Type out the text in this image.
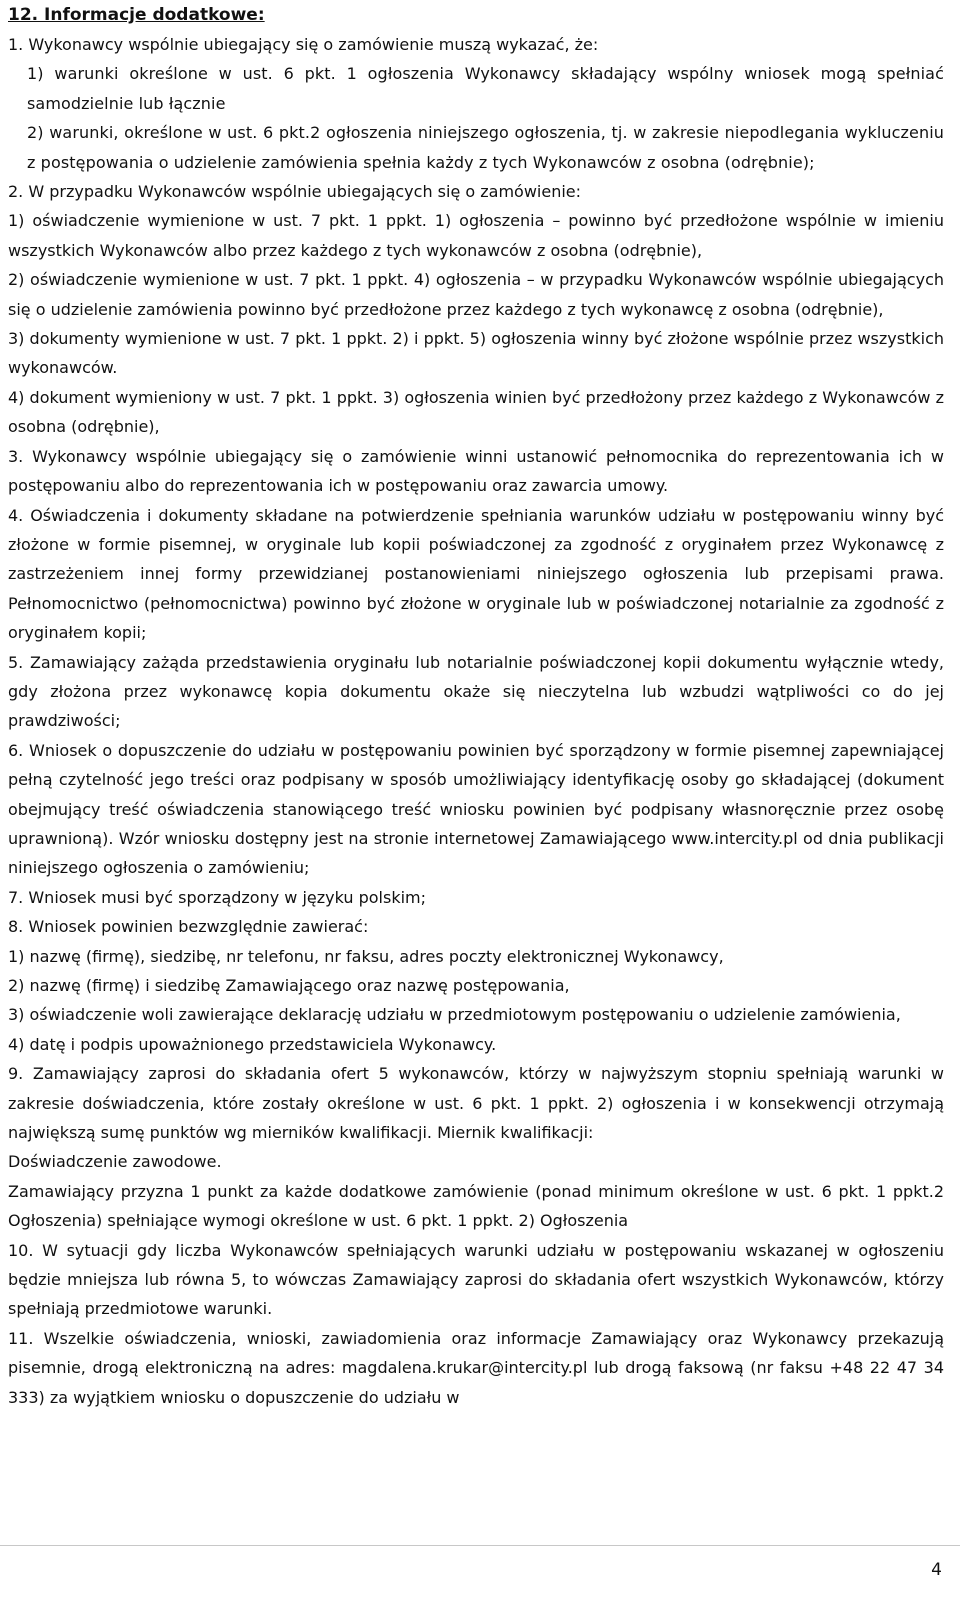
12. Informacje dodatkowe:

1. Wykonawcy wspólnie ubiegający się o zamówienie muszą wykazać, że:

1) warunki określone w ust. 6 pkt. 1 ogłoszenia Wykonawcy składający wspólny wniosek mogą spełniać samodzielnie lub łącznie

2) warunki, określone w ust. 6 pkt.2 ogłoszenia niniejszego ogłoszenia, tj. w zakresie niepodlegania wykluczeniu z postępowania o udzielenie zamówienia spełnia każdy z tych Wykonawców z osobna (odrębnie);

2. W przypadku Wykonawców wspólnie ubiegających się o zamówienie:

1) oświadczenie wymienione w ust. 7 pkt. 1 ppkt. 1) ogłoszenia – powinno być przedłożone wspólnie w imieniu wszystkich Wykonawców albo przez każdego z tych wykonawców z osobna (odrębnie),

2) oświadczenie wymienione w ust. 7 pkt. 1 ppkt. 4) ogłoszenia – w przypadku Wykonawców wspólnie ubiegających się o udzielenie zamówienia powinno być przedłożone przez każdego z tych wykonawcę z osobna (odrębnie),

3) dokumenty wymienione w ust. 7 pkt. 1 ppkt. 2) i ppkt. 5) ogłoszenia winny być złożone wspólnie przez wszystkich wykonawców.

4) dokument wymieniony w ust. 7 pkt. 1 ppkt. 3) ogłoszenia winien być przedłożony przez każdego z Wykonawców z osobna (odrębnie),

3. Wykonawcy wspólnie ubiegający się o zamówienie winni ustanowić pełnomocnika do reprezentowania ich w postępowaniu albo do reprezentowania ich w postępowaniu oraz zawarcia umowy.

4. Oświadczenia i dokumenty składane na potwierdzenie spełniania warunków udziału w postępowaniu winny być złożone w formie pisemnej, w oryginale lub kopii poświadczonej za zgodność z oryginałem przez Wykonawcę z zastrzeżeniem innej formy przewidzianej postanowieniami niniejszego ogłoszenia lub przepisami prawa. Pełnomocnictwo (pełnomocnictwa) powinno być złożone w oryginale lub w poświadczonej notarialnie za zgodność z oryginałem kopii;

5. Zamawiający zażąda przedstawienia oryginału lub notarialnie poświadczonej kopii dokumentu wyłącznie wtedy, gdy złożona przez wykonawcę kopia dokumentu okaże się nieczytelna lub wzbudzi wątpliwości co do jej prawdziwości;

6. Wniosek o dopuszczenie do udziału w postępowaniu powinien być sporządzony w formie pisemnej zapewniającej pełną czytelność jego treści oraz podpisany w sposób umożliwiający identyfikację osoby go składającej (dokument obejmujący treść oświadczenia stanowiącego treść wniosku powinien być podpisany własnoręcznie przez osobę uprawnioną). Wzór wniosku dostępny jest na stronie internetowej Zamawiającego www.intercity.pl od dnia publikacji niniejszego ogłoszenia o zamówieniu;

7. Wniosek musi być sporządzony w języku polskim;

8. Wniosek powinien bezwzględnie zawierać:

1) nazwę (firmę), siedzibę, nr telefonu, nr faksu, adres poczty elektronicznej Wykonawcy,

2) nazwę (firmę) i siedzibę Zamawiającego oraz nazwę postępowania,

3) oświadczenie woli zawierające deklarację udziału w przedmiotowym postępowaniu o udzielenie zamówienia,

4) datę i podpis upoważnionego przedstawiciela Wykonawcy.

9. Zamawiający zaprosi do składania ofert 5 wykonawców, którzy w najwyższym stopniu spełniają warunki w zakresie doświadczenia, które zostały określone w ust. 6 pkt. 1 ppkt. 2) ogłoszenia i w konsekwencji otrzymają największą sumę punktów wg mierników kwalifikacji. Miernik kwalifikacji:

Doświadczenie zawodowe.

Zamawiający przyzna 1 punkt za każde dodatkowe zamówienie (ponad minimum określone w ust. 6 pkt. 1 ppkt.2 Ogłoszenia) spełniające wymogi określone w ust. 6 pkt. 1 ppkt. 2) Ogłoszenia

10. W sytuacji gdy liczba Wykonawców spełniających warunki udziału w postępowaniu wskazanej w ogłoszeniu będzie mniejsza lub równa 5, to wówczas Zamawiający zaprosi do składania ofert wszystkich Wykonawców, którzy spełniają przedmiotowe warunki.

11. Wszelkie oświadczenia, wnioski, zawiadomienia oraz informacje Zamawiający oraz Wykonawcy przekazują pisemnie, drogą elektroniczną na adres: magdalena.krukar@intercity.pl lub drogą faksową (nr faksu +48 22 47 34 333) za wyjątkiem wniosku o dopuszczenie do udziału w

4
